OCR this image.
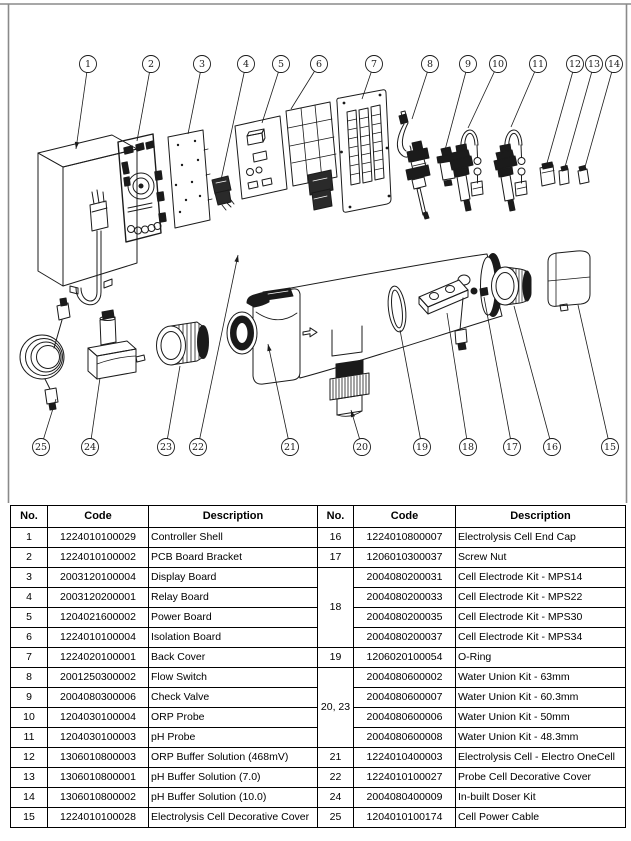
1	2	3	4	5	6	7	8	9 10	11	12 13 14
15
16
17
18
19
20
21
22
23
24
25
No.	Code	Description	No.	Code	Description
1	1224010100029	Controller Shell	16	1224010800007	Electrolysis Cell End Cap
2	1224010100002	PCB Board Bracket	17	1206010300037	Screw Nut
3	2003120100004	Display Board	18	2004080200031	Cell Electrode Kit - MPS14
4	2003120200001	Relay Board		2004080200033	Cell Electrode Kit - MPS22
5	1204021600002	Power Board		2004080200035	Cell Electrode Kit - MPS30
6	1224010100004	Isolation Board		2004080200037	Cell Electrode Kit - MPS34
7	1224020100001	Back Cover	19	1206020100054	O-Ring
8	2001250300002	Flow Switch	20, 23	2004080600002	Water Union Kit - 63mm
9	2004080300006	Check Valve		2004080600007	Water Union Kit - 60.3mm
10	1204030100004	ORP Probe		2004080600006	Water Union Kit - 50mm
11	1204030100003	pH Probe		2004080600008	Water Union Kit - 48.3mm
12	1306010800003	ORP Buffer Solution (468mV)	21	1224010400003	Electrolysis Cell - Electro OneCell
13	1306010800001	pH Buffer Solution (7.0)	22	1224010100027	Probe Cell Decorative Cover
14	1306010800002	pH Buffer Solution (10.0)	24	2004080400009	In-built Doser Kit
15	1224010100028	Electrolysis Cell Decorative Cover	25	1204010100174	Cell Power Cable
